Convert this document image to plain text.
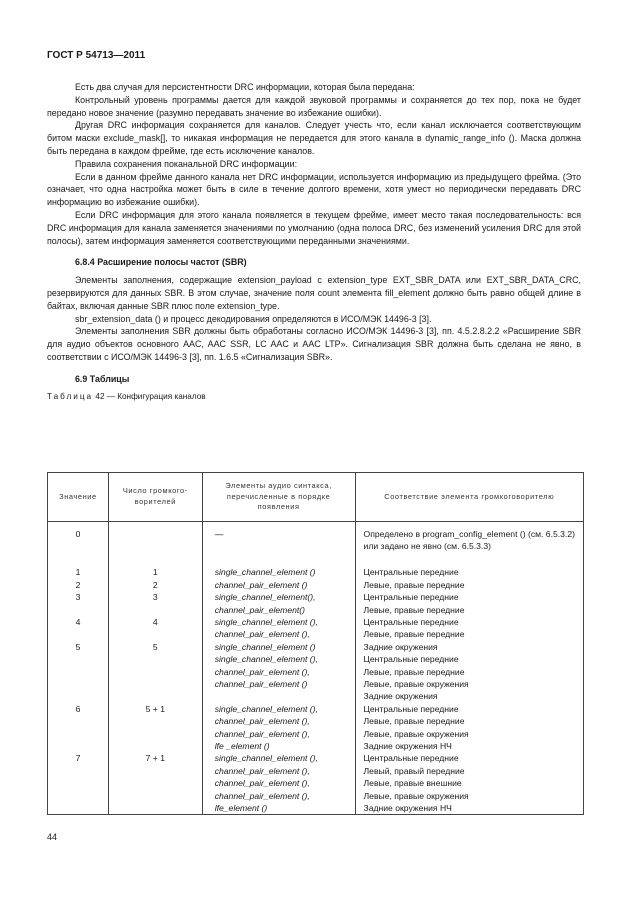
ГОСТ Р 54713—2011

Есть два случая для персистентности DRC информации, которая была передана:

Контрольный уровень программы дается для каждой звуковой программы и сохраняется до тех пор, пока не будет передано новое значение (разумно передавать значение во избежание ошибки).

Другая DRC информация сохраняется для каналов. Следует учесть что, если канал исключается соответствующим битом маски exclude_mask[], то никакая информация не передается для этого канала в dynamic_range_info (). Маска должна быть передана в каждом фрейме, где есть исключение каналов.

Правила сохранения поканальной DRC информации:

Если в данном фрейме данного канала нет DRC информации, используется информацию из предыдущего фрейма. (Это означает, что одна настройка может быть в силе в течение долгого времени, хотя умест но периодически передавать DRC информацию во избежание ошибки).

Если DRC информация для этого канала появляется в текущем фрейме, имеет место такая последовательность: вся DRC информация для канала заменяется значениями по умолчанию (одна полоса DRC, без изменений усиления DRC для этой полосы), затем информация заменяется соответствующими переданными значениями.

6.8.4 Расширение полосы частот (SBR)

Элементы заполнения, содержащие extension_payload с extension_type EXT_SBR_DATA или EXT_SBR_DATA_CRC, резервируются для данных SBR. В этом случае, значение поля count элемента fill_element должно быть равно общей длине в байтах, включая данные SBR плюс поле extension_type.

sbr_extension_data () и процесс декодирования определяются в ИСО/МЭК 14496-3 [3].

Элементы заполнения SBR должны быть обработаны согласно ИСО/МЭК 14496-3 [3], пп. 4.5.2.8.2.2 «Расширение SBR для аудио объектов основного AAC, AAC SSR, LC AAC и AAC LTP». Сигнализация SBR должна быть сделана не явно, в соответствии с ИСО/МЭК 14496-3 [3], пп. 1.6.5 «Сигнализация SBR».

6.9 Таблицы

Таблица 42 — Конфигурация каналов

Значение	Число громкого-ворителей	Элементы аудио синтакса, перечисленные в порядке появления	Соответствие элемента громкоговорителю
0		—	Определено в program_config_element () (см. 6.5.3.2) или задано не явно (см. 6.5.3.3)

1	1	single_channel_element ()	Центральные передние
2	2	channel_pair_element ()	Левые, правые передние
3	3	single_channel_element(),	Центральные передние
		channel_pair_element()	Левые, правые передние
4	4	single_channel_element (),	Центральные передние
		channel_pair_element (),	Левые, правые передние
5	5	single_channel_element ()	Задние окружения
		single_channel_element (),	Центральные передние
		channel_pair_element (),	Левые, правые передние
		channel_pair_element ()	Левые, правые окружения
			Задние окружения
6	5 + 1	single_channel_element (),	Центральные передние
		channel_pair_element (),	Левые, правые передние
		channel_pair_element (),	Левые, правые окружения
		lfe _element ()	Задние окружения НЧ
7	7 + 1	single_channel_element (),	Центральные передние
		channel_pair_element (),	Левый, правый передние
		channel_pair_element (),	Левые, правые внешние
		channel_pair_element (),	Левые, правые окружения
		lfe_element ()	Задние окружения НЧ
44
